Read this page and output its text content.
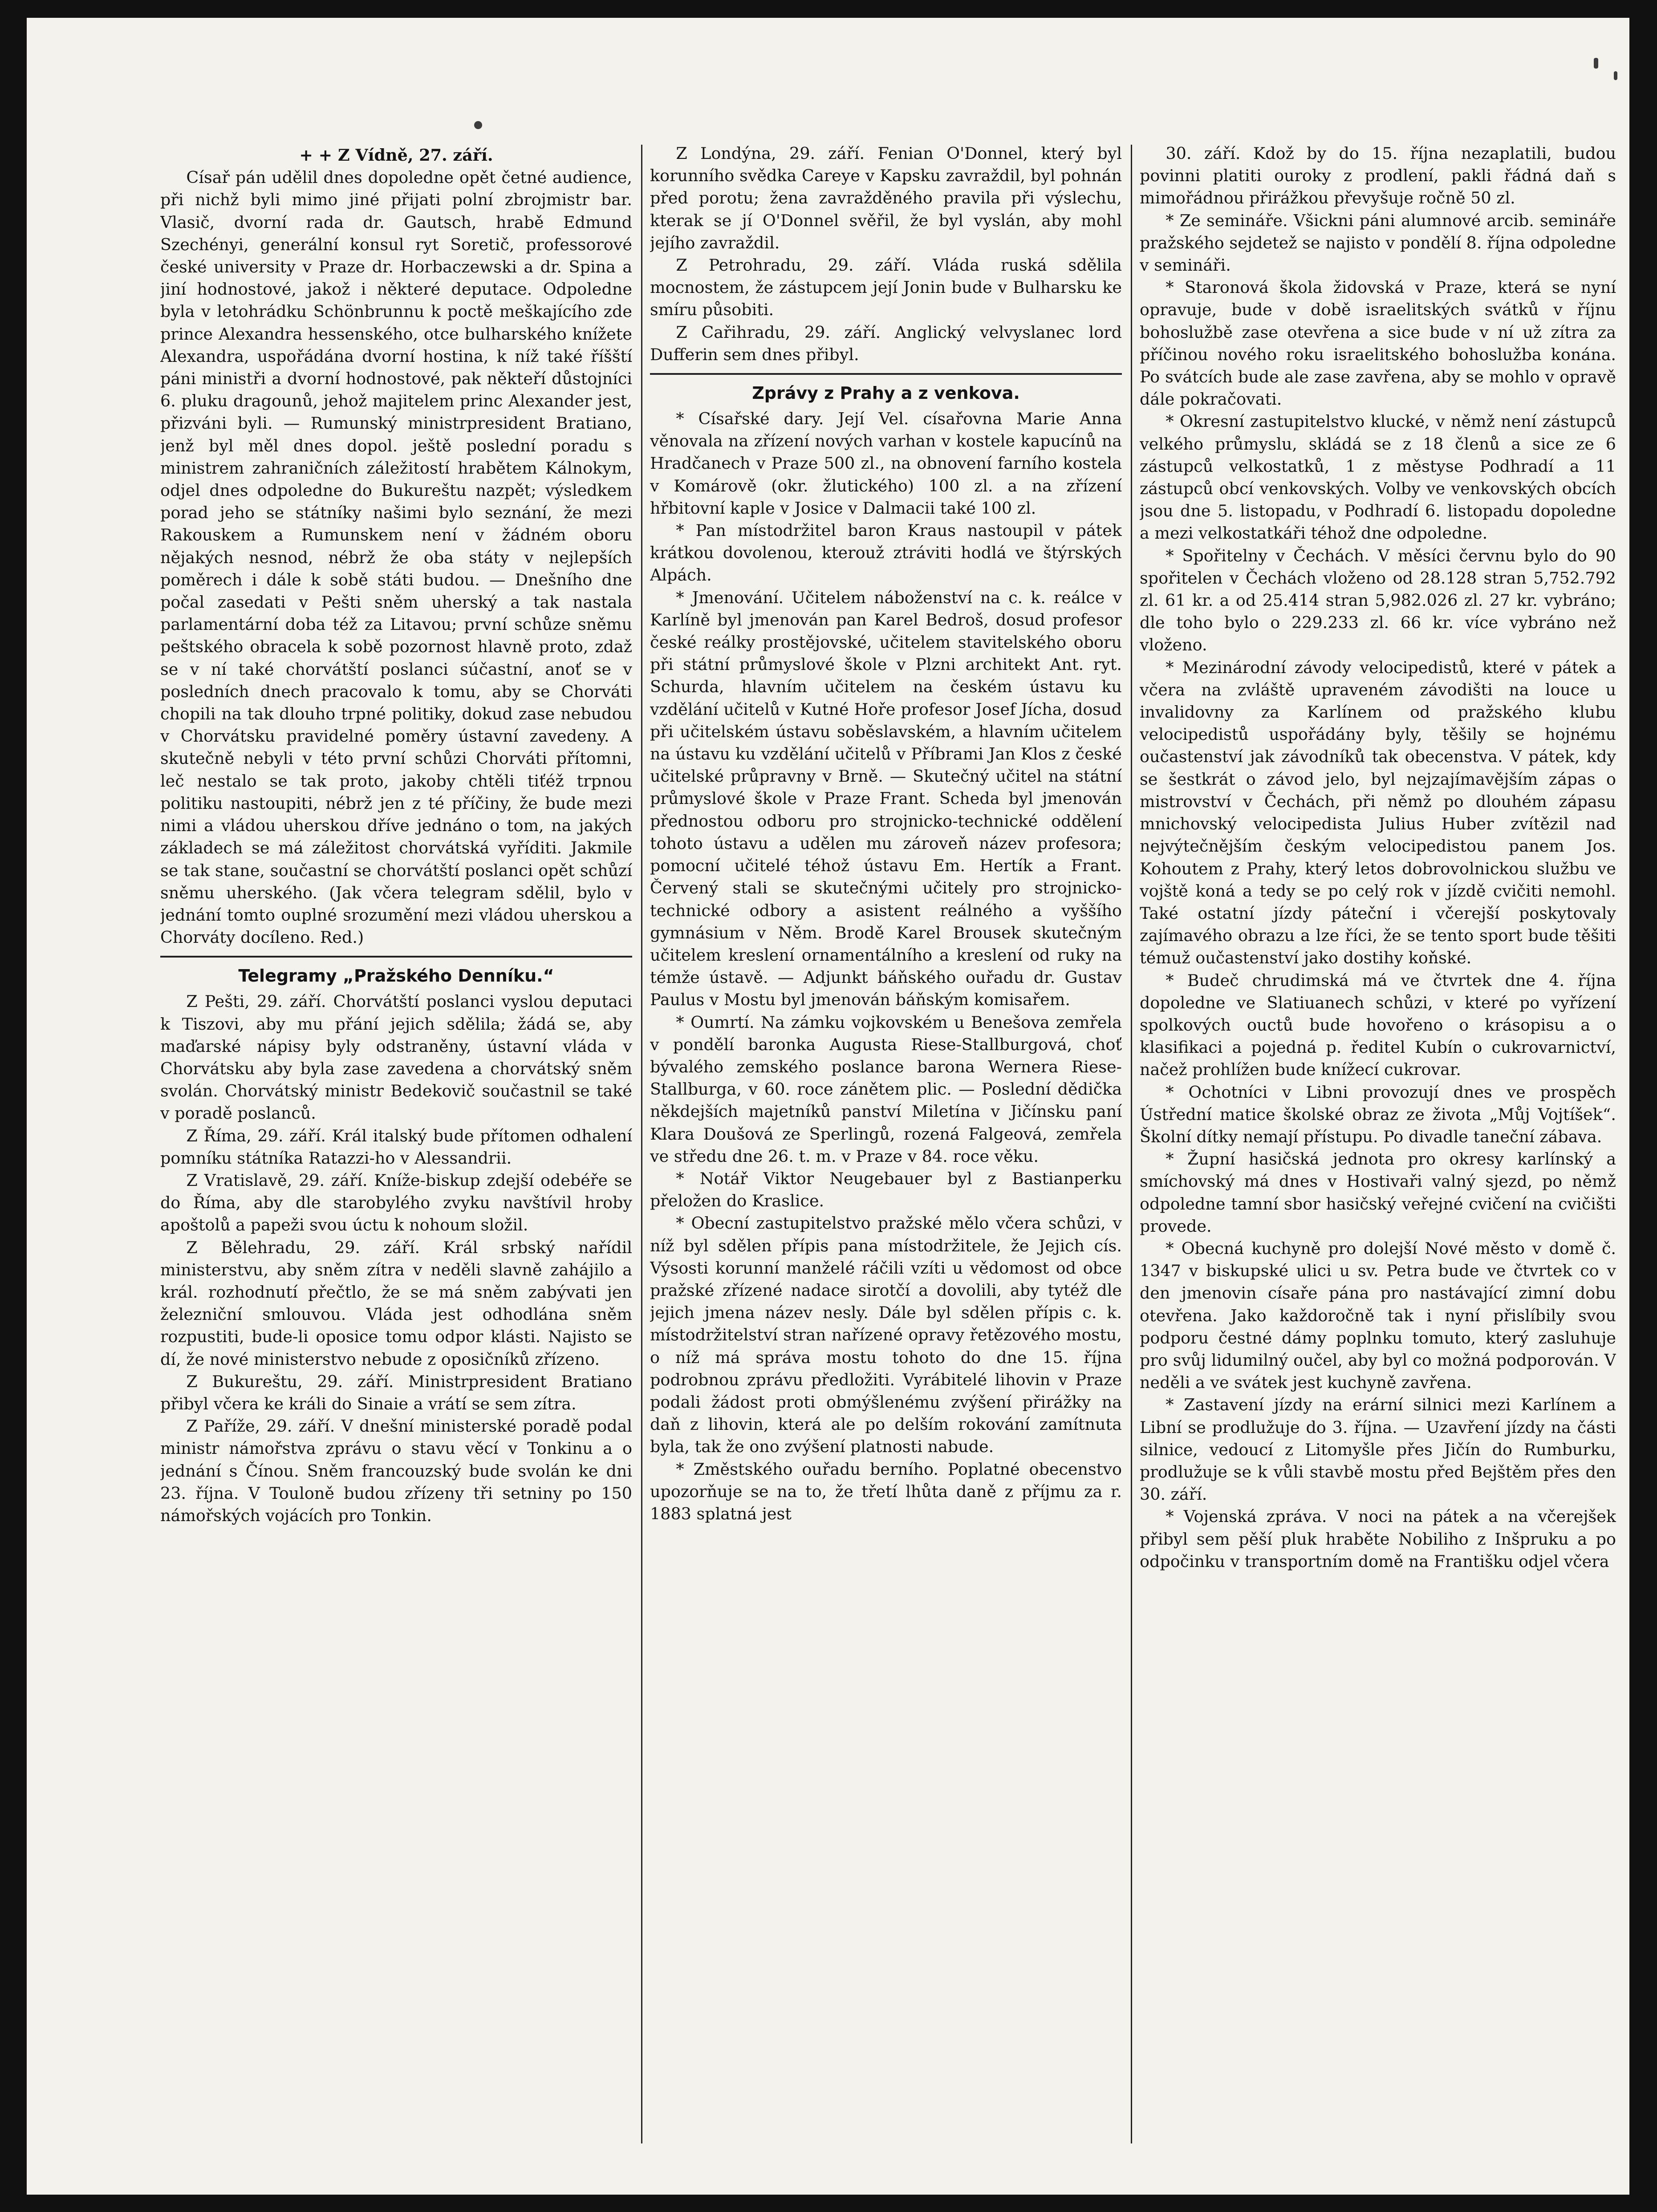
+ + Z Vídně, 27. září.

Císař pán udělil dnes dopoledne opět četné audience, při nichž byli mimo jiné přijati polní zbrojmistr bar. Vlasič, dvorní rada dr. Gautsch, hrabě Edmund Szechényi, generální konsul ryt Soretič, professorové české university v Praze dr. Horbaczewski a dr. Spina a jiní hodnostové, jakož i některé deputace. Odpoledne byla v letohrádku Schönbrunnu k poctě meškajícího zde prince Alexandra hessenského, otce bulharského knížete Alexandra, uspořádána dvorní hostina, k níž také říšští páni ministři a dvorní hodnostové, pak někteří důstojníci 6. pluku dragounů, jehož majitelem princ Alexander jest, přizváni byli. — Rumunský ministrpresident Bratiano, jenž byl měl dnes dopol. ještě poslední poradu s ministrem zahraničních záležitostí hrabětem Kálnokym, odjel dnes odpoledne do Bukureštu nazpět; výsledkem porad jeho se státníky našimi bylo seznání, že mezi Rakouskem a Rumunskem není v žádném oboru nějakých nesnod, nébrž že oba státy v nejlepších poměrech i dále k sobě státi budou. — Dnešního dne počal zasedati v Pešti sněm uherský a tak nastala parlamentární doba též za Litavou; první schůze sněmu peštského obracela k sobě pozornost hlavně proto, zdaž se v ní také chorvátští poslanci súčastní, anoť se v posledních dnech pracovalo k tomu, aby se Chorváti chopili na tak dlouho trpné politiky, dokud zase nebudou v Chorvátsku pravidelné poměry ústavní zavedeny. A skutečně nebyli v této první schůzi Chorváti přítomni, leč nestalo se tak proto, jakoby chtěli tiťéž trpnou politiku nastoupiti, nébrž jen z té příčiny, že bude mezi nimi a vládou uherskou dříve jednáno o tom, na jakých základech se má záležitost chorvátská vyříditi. Jakmile se tak stane, součastní se chorvátští poslanci opět schůzí sněmu uherského. (Jak včera telegram sdělil, bylo v jednání tomto ouplné srozumění mezi vládou uherskou a Chorváty docíleno. Red.)

Telegramy „Pražského Denníku.“

Z Pešti, 29. září. Chorvátští poslanci vyslou deputaci k Tiszovi, aby mu přání jejich sdělila; žádá se, aby maďarské nápisy byly odstraněny, ústavní vláda v Chorvátsku aby byla zase zavedena a chorvátský sněm svolán. Chorvátský ministr Bedekovič součastnil se také v poradě poslanců.

Z Říma, 29. září. Král italský bude přítomen odhalení pomníku státníka Ratazzi-ho v Alessandrii.

Z Vratislavě, 29. září. Kníže-biskup zdejší odebéře se do Říma, aby dle starobylého zvyku navštívil hroby apoštolů a papeži svou úctu k nohoum složil.

Z Bělehradu, 29. září. Král srbský nařídil ministerstvu, aby sněm zítra v neděli slavně zahájilo a král. rozhodnutí přečtlo, že se má sněm zabývati jen železniční smlouvou. Vláda jest odhodlána sněm rozpustiti, bude-li oposice tomu odpor klásti. Najisto se dí, že nové ministerstvo nebude z oposičníků zřízeno.

Z Bukureštu, 29. září. Ministrpresident Bratiano přibyl včera ke králi do Sinaie a vrátí se sem zítra.

Z Paříže, 29. září. V dnešní ministerské poradě podal ministr námořstva zprávu o stavu věcí v Tonkinu a o jednání s Čínou. Sněm francouzský bude svolán ke dni 23. října. V Touloně budou zřízeny tři setniny po 150 námořských vojácích pro Tonkin.

Z Londýna, 29. září. Fenian O'Donnel, který byl korunního svědka Careye v Kapsku zavraždil, byl pohnán před porotu; žena zavražděného pravila při výslechu, kterak se jí O'Donnel svěřil, že byl vyslán, aby mohl jejího zavraždil.

Z Petrohradu, 29. září. Vláda ruská sdělila mocnostem, že zástupcem její Jonin bude v Bulharsku ke smíru působiti.

Z Cařihradu, 29. září. Anglický velvyslanec lord Dufferin sem dnes přibyl.

Zprávy z Prahy a z venkova.

* Císařské dary. Její Vel. císařovna Marie Anna věnovala na zřízení nových varhan v kostele kapucínů na Hradčanech v Praze 500 zl., na obnovení farního kostela v Komárově (okr. žlutického) 100 zl. a na zřízení hřbitovní kaple v Josice v Dalmacii také 100 zl.

* Pan místodržitel baron Kraus nastoupil v pátek krátkou dovolenou, kterouž ztráviti hodlá ve štýrských Alpách.

* Jmenování. Učitelem náboženství na c. k. reálce v Karlíně byl jmenován pan Karel Bedroš, dosud profesor české reálky prostějovské, učitelem stavitelského oboru při státní průmyslové škole v Plzni architekt Ant. ryt. Schurda, hlavním učitelem na českém ústavu ku vzdělání učitelů v Kutné Hoře profesor Josef Jícha, dosud při učitelském ústavu soběslavském, a hlavním učitelem na ústavu ku vzdělání učitelů v Příbrami Jan Klos z české učitelské průpravny v Brně. — Skutečný učitel na státní průmyslové škole v Praze Frant. Scheda byl jmenován přednostou odboru pro strojnicko-technické oddělení tohoto ústavu a udělen mu zároveň název profesora; pomocní učitelé téhož ústavu Em. Hertík a Frant. Červený stali se skutečnými učitely pro strojnicko-technické odbory a asistent reálného a vyššího gymnásium v Něm. Brodě Karel Brousek skutečným učitelem kreslení ornamentálního a kreslení od ruky na témže ústavě. — Adjunkt báňského ouřadu dr. Gustav Paulus v Mostu byl jmenován báňským komisařem.

* Oumrtí. Na zámku vojkovském u Benešova zemřela v pondělí baronka Augusta Riese-Stallburgová, choť bývalého zemského poslance barona Wernera Riese-Stallburga, v 60. roce zánětem plic. — Poslední dědička někdejších majetníků panství Miletína v Jičínsku paní Klara Doušová ze Sperlingů, rozená Falgeová, zemřela ve středu dne 26. t. m. v Praze v 84. roce věku.

* Notář Viktor Neugebauer byl z Bastianperku přeložen do Kraslice.

* Obecní zastupitelstvo pražské mělo včera schůzi, v níž byl sdělen přípis pana místodržitele, že Jejich cís. Výsosti korunní manželé ráčili vzíti u vědomost od obce pražské zřízené nadace sirotčí a dovolili, aby tytéž dle jejich jmena název nesly. Dále byl sdělen přípis c. k. místodržitelství stran nařízené opravy řetězového mostu, o níž má správa mostu tohoto do dne 15. října podrobnou zprávu předložiti. Vyrábitelé lihovin v Praze podali žádost proti obmýšlenému zvýšení přirážky na daň z lihovin, která ale po delším rokování zamítnuta byla, tak že ono zvýšení platnosti nabude.

* Změstského ouřadu berního. Poplatné obecenstvo upozorňuje se na to, že třetí lhůta daně z příjmu za r. 1883 splatná jest

30. září. Kdož by do 15. října nezaplatili, budou povinni platiti ouroky z prodlení, pakli řádná daň s mimořádnou přirážkou převyšuje ročně 50 zl.

* Ze semináře. Všickni páni alumnové arcib. semináře pražského sejdetež se najisto v pondělí 8. října odpoledne v semináři.

* Staronová škola židovská v Praze, která se nyní opravuje, bude v době israelitských svátků v říjnu bohoslužbě zase otevřena a sice bude v ní už zítra za příčinou nového roku israelitského bohoslužba konána. Po svátcích bude ale zase zavřena, aby se mohlo v opravě dále pokračovati.

* Okresní zastupitelstvo klucké, v němž není zástupců velkého průmyslu, skládá se z 18 členů a sice ze 6 zástupců velkostatků, 1 z městyse Podhradí a 11 zástupců obcí venkovských. Volby ve venkovských obcích jsou dne 5. listopadu, v Podhradí 6. listopadu dopoledne a mezi velkostatkáři téhož dne odpoledne.

* Spořitelny v Čechách. V měsíci červnu bylo do 90 spořitelen v Čechách vloženo od 28.128 stran 5,752.792 zl. 61 kr. a od 25.414 stran 5,982.026 zl. 27 kr. vybráno; dle toho bylo o 229.233 zl. 66 kr. více vybráno než vloženo.

* Mezinárodní závody velocipedistů, které v pátek a včera na zvláště upraveném závodišti na louce u invalidovny za Karlínem od pražského klubu velocipedistů uspořádány byly, těšily se hojnému oučastenství jak závodníků tak obecenstva. V pátek, kdy se šestkrát o závod jelo, byl nejzajímavějším zápas o mistrovství v Čechách, při němž po dlouhém zápasu mnichovský velocipedista Julius Huber zvítězil nad nejvýtečnějším českým velocipedistou panem Jos. Kohoutem z Prahy, který letos dobrovolnickou službu ve vojště koná a tedy se po celý rok v jízdě cvičiti nemohl. Také ostatní jízdy páteční i včerejší poskytovaly zajímavého obrazu a lze říci, že se tento sport bude těšiti témuž oučastenství jako dostihy koňské.

* Budeč chrudimská má ve čtvrtek dne 4. října dopoledne ve Slatiuanech schůzi, v které po vyřízení spolkových ouctů bude hovořeno o krásopisu a o klasifikaci a pojedná p. ředitel Kubín o cukrovarnictví, načež prohlížen bude knížecí cukrovar.

* Ochotníci v Libni provozují dnes ve prospěch Ústřední matice školské obraz ze života „Můj Vojtíšek“. Školní dítky nemají přístupu. Po divadle taneční zábava.

* Župní hasičská jednota pro okresy karlínský a smíchovský má dnes v Hostivaři valný sjezd, po němž odpoledne tamní sbor hasičský veřejné cvičení na cvičišti provede.

* Obecná kuchyně pro dolejší Nové město v domě č. 1347 v biskupské ulici u sv. Petra bude ve čtvrtek co v den jmenovin císaře pána pro nastávající zimní dobu otevřena. Jako každoročně tak i nyní přislíbily svou podporu čestné dámy poplnku tomuto, který zasluhuje pro svůj lidumilný oučel, aby byl co možná podporován. V neděli a ve svátek jest kuchyně zavřena.

* Zastavení jízdy na erární silnici mezi Karlínem a Libní se prodlužuje do 3. října. — Uzavření jízdy na části silnice, vedoucí z Litomyšle přes Jičín do Rumburku, prodlužuje se k vůli stavbě mostu před Bejštěm přes den 30. září.

* Vojenská zpráva. V noci na pátek a na včerejšek přibyl sem pěší pluk hraběte Nobiliho z Inšpruku a po odpočinku v transportním domě na Františku odjel včera
